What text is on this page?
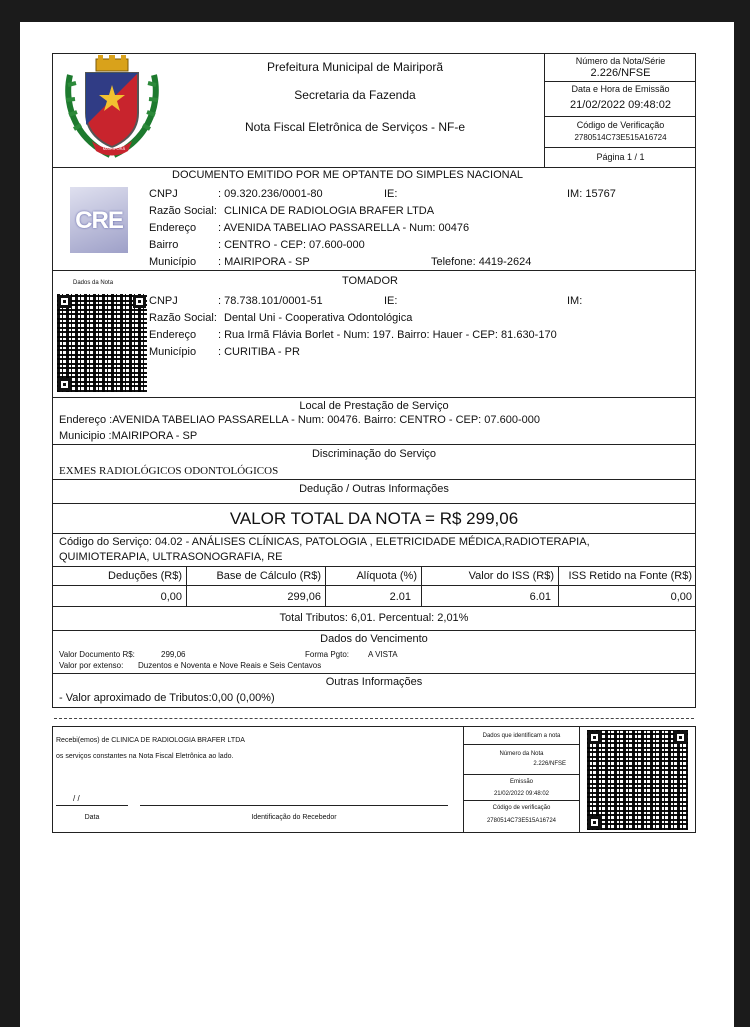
MAIRIPORÃ
Prefeitura Municipal de Mairiporã
Secretaria da Fazenda
Nota Fiscal Eletrônica de Serviços - NF-e
Número da Nota/Série
2.226/NFSE
Data e Hora de Emissão
21/02/2022 09:48:02
Código de Verificação
2780514C73E515A16724
Página 1 / 1
DOCUMENTO EMITIDO POR ME OPTANTE DO SIMPLES NACIONAL
CRE
CNPJ	: 09.320.236/0001-80	IE:	IM: 15767
Razão Social: CLINICA DE RADIOLOGIA BRAFER LTDA
Endereço : AVENIDA TABELIAO PASSARELLA - Num: 00476
Bairro	: CENTRO - CEP: 07.600-000
Município : MAIRIPORA - SP	Telefone: 4419-2624
Dados da Nota	TOMADOR
CNPJ	: 78.738.101/0001-51	IE:	IM:
Razão Social: Dental Uni - Cooperativa Odontológica
Endereço : Rua Irmã Flávia Borlet - Num: 197. Bairro: Hauer - CEP: 81.630-170
Município : CURITIBA - PR
Local de Prestação de Serviço
Endereço :AVENIDA TABELIAO PASSARELLA - Num: 00476. Bairro: CENTRO - CEP: 07.600-000
Municipio :MAIRIPORA - SP
Discriminação do Serviço
EXMES RADIOLÓGICOS ODONTOLÓGICOS
Dedução / Outras Informações
VALOR TOTAL DA NOTA = R$ 299,06
Código do Serviço: 04.02 - ANÁLISES CLÍNICAS, PATOLOGIA , ELETRICIDADE MÉDICA,RADIOTERAPIA,
QUIMIOTERAPIA, ULTRASONOGRAFIA, RE
Deduções (R$)	Base de Cálculo (R$)	Alíquota (%)	Valor do ISS (R$)	ISS Retido na Fonte (R$)
0,00	299,06	2.01	6.01	0,00
Total Tributos: 6,01. Percentual: 2,01%
Dados do Vencimento
Valor Documento R$:	299,06	Forma Pgto: A VISTA
Valor por extenso: Duzentos e Noventa e Nove Reais e Seis Centavos
Outras Informações
- Valor aproximado de Tributos:0,00 (0,00%)
Recebi(emos) de CLINICA DE RADIOLOGIA BRAFER LTDA
os serviços constantes na Nota Fiscal Eletrônica ao lado.
/ /
Data	Identificação do Recebedor
Dados que identificam a nota
Número da Nota
2.226/NFSE
Emissão
21/02/2022 09:48:02
Código de verificação
2780514C73E515A16724
